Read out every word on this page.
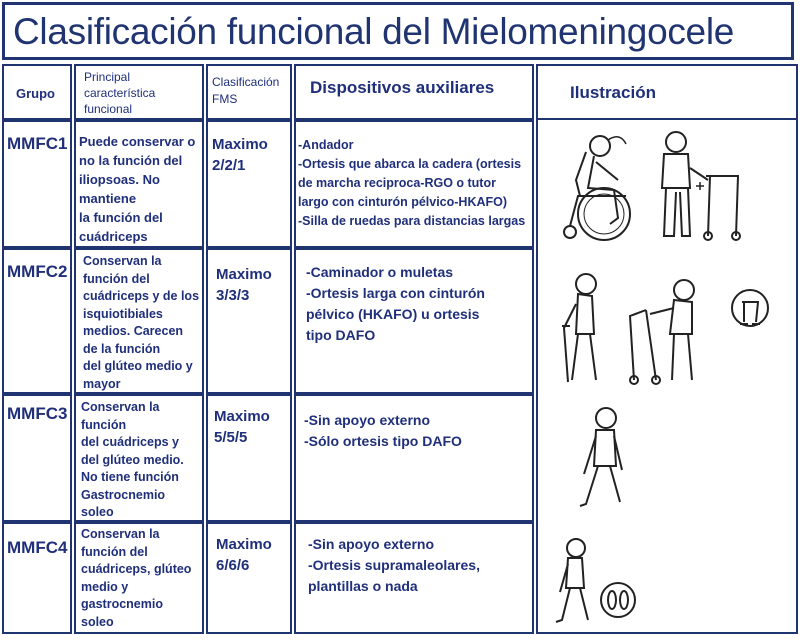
Clasificación funcional del Mielomeningocele
Grupo
Principal
característica
funcional
Clasificación
FMS
Dispositivos auxiliares	Ilustración
MMFC1 Puede conservar o
no la función del
iliopsoas. No
mantiene
la función del
cuádriceps
Maximo
2/2/1
-Andador
-Ortesis que abarca la cadera (ortesis
de marcha reciproca-RGO o tutor
largo con cinturón pélvico-HKAFO)
-Silla de ruedas para distancias largas
MMFC2
Conservan la
función del
cuádriceps y de los
isquiotibiales
medios. Carecen
de la función
del glúteo medio y
mayor
Maximo
3/3/3
-Caminador o muletas
-Ortesis larga con cinturón
pélvico (HKAFO) u ortesis
tipo DAFO
MMFC3 Conservan la
función
del cuádriceps y
del glúteo medio.
No tiene función
Gastrocnemio
soleo
Maximo
5/5/5
-Sin apoyo externo
-Sólo ortesis tipo DAFO
MMFC4
Conservan la
función del
cuádriceps, glúteo
medio y
gastrocnemio
soleo
Maximo
6/6/6
-Sin apoyo externo
-Ortesis supramaleolares,
plantillas o nada
